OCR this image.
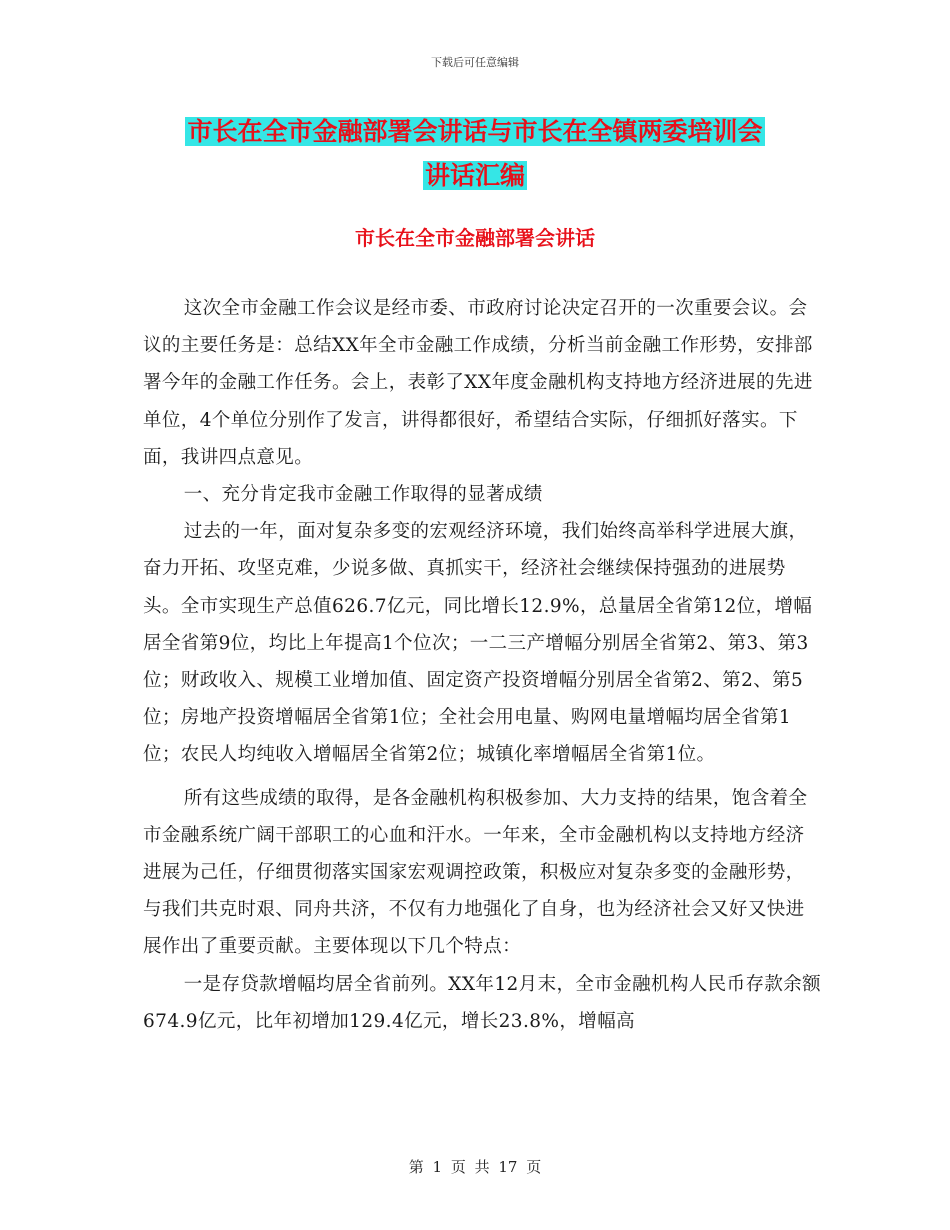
下载后可任意编辑
市长在全市金融部署会讲话与市长在全镇两委培训会
讲话汇编
市长在全市金融部署会讲话

这次全市金融工作会议是经市委、市政府讨论决定召开的一次重要会议。会议的主要任务是：总结XX年全市金融工作成绩，分析当前金融工作形势，安排部署今年的金融工作任务。会上，表彰了XX年度金融机构支持地方经济进展的先进单位，4个单位分别作了发言，讲得都很好，希望结合实际，仔细抓好落实。下面，我讲四点意见。

一、充分肯定我市金融工作取得的显著成绩

过去的一年，面对复杂多变的宏观经济环境，我们始终高举科学进展大旗，奋力开拓、攻坚克难，少说多做、真抓实干，经济社会继续保持强劲的进展势头。全市实现生产总值626.7亿元，同比增长12.9%，总量居全省第12位，增幅居全省第9位，均比上年提高1个位次；一二三产增幅分别居全省第2、第3、第3位；财政收入、规模工业增加值、固定资产投资增幅分别居全省第2、第2、第5位；房地产投资增幅居全省第1位；全社会用电量、购网电量增幅均居全省第1位；农民人均纯收入增幅居全省第2位；城镇化率增幅居全省第1位。

所有这些成绩的取得，是各金融机构积极参加、大力支持的结果，饱含着全市金融系统广阔干部职工的心血和汗水。一年来，全市金融机构以支持地方经济进展为己任，仔细贯彻落实国家宏观调控政策，积极应对复杂多变的金融形势，与我们共克时艰、同舟共济，不仅有力地强化了自身，也为经济社会又好又快进展作出了重要贡献。主要体现以下几个特点：

一是存贷款增幅均居全省前列。XX年12月末，全市金融机构人民币存款余额674.9亿元，比年初增加129.4亿元，增长23.8%，增幅高

第 1 页 共 17 页
